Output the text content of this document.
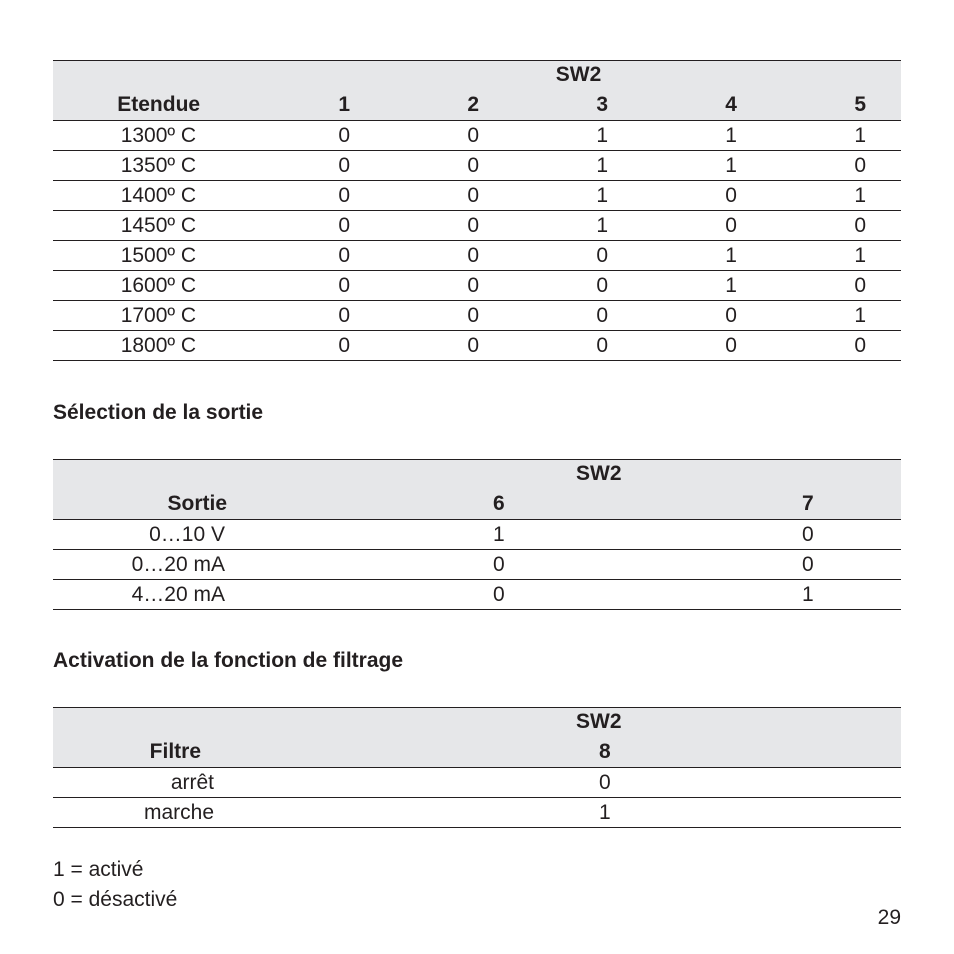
	SW2				
Etendue	1	2	3	4	5
1300º C	0	0	1	1	1
1350º C	0	0	1	1	0
1400º C	0	0	1	0	1
1450º C	0	0	1	0	0
1500º C	0	0	0	1	1
1600º C	0	0	0	1	0
1700º C	0	0	0	0	1
1800º C	0	0	0	0	0
Sélection de la sortie
	SW2	
Sortie	6	7
0…10 V	1	0
0…20 mA	0	0
4…20 mA	0	1
Activation de la fonction de filtrage
	SW2
Filtre	8
arrêt	0
marche	1

1 = activé

0 = désactivé

29
